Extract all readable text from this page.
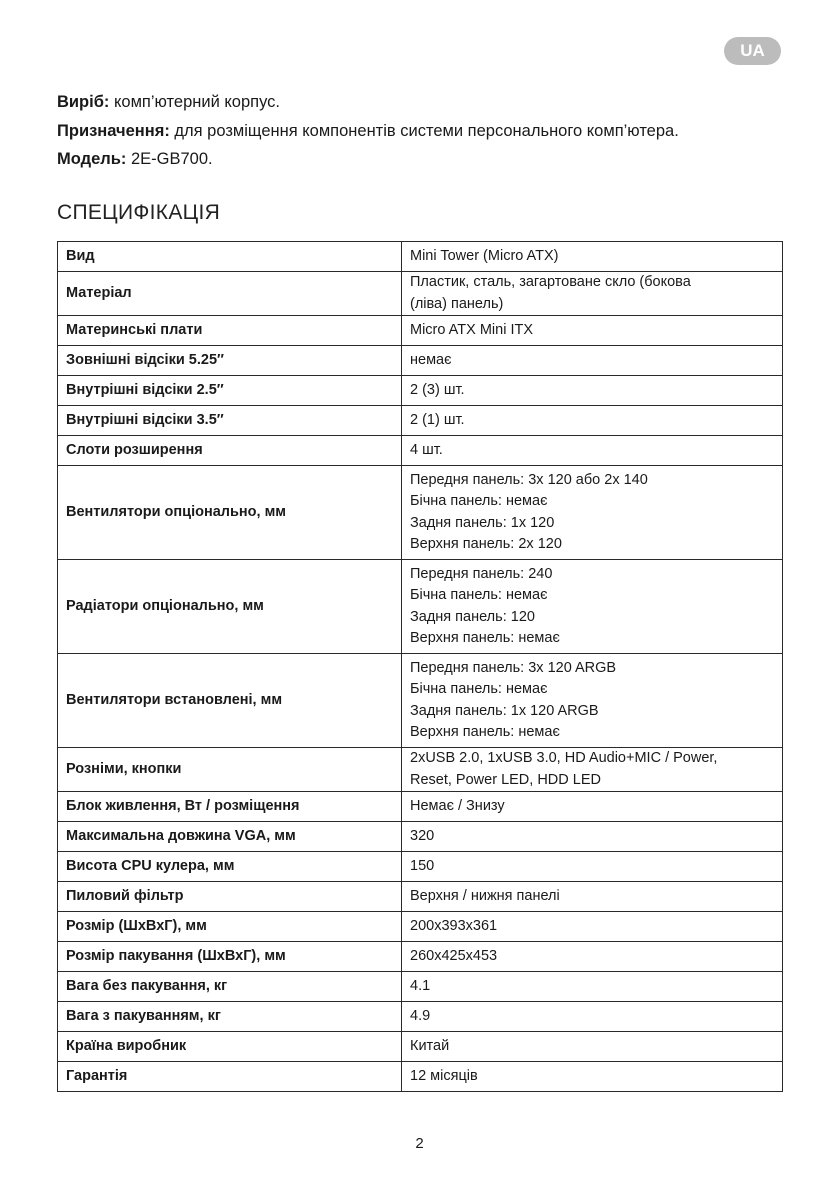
UA
Виріб: комп’ютерний корпус.
Призначення: для розміщення компонентів системи персонального комп’ютера.
Модель: 2E-GB700.
СПЕЦИФІКАЦІЯ
Вид	Mini Tower (Micro ATX)
Матеріал	Пластик, сталь, загартоване скло (бокова
(ліва) панель)
Материнські плати	Micro ATX Mini ITX
Зовнішні відсіки 5.25″	немає
Внутрішні відсіки 2.5″	2 (3) шт.
Внутрішні відсіки 3.5″	2 (1) шт.
Слоти розширення	4 шт.
Вентилятори опціонально, мм	Передня панель: 3x 120 або 2x 140
Бічна панель: немає
Задня панель: 1x 120
Верхня панель: 2x 120
Радіатори опціонально, мм	Передня панель: 240
Бічна панель: немає
Задня панель: 120
Верхня панель: немає
Вентилятори встановлені, мм	Передня панель: 3x 120 ARGB
Бічна панель: немає
Задня панель: 1x 120 ARGB
Верхня панель: немає
Розніми, кнопки	2xUSB 2.0, 1xUSB 3.0, HD Audio+MIC / Power,
Reset, Power LED, HDD LED
Блок живлення, Вт / розміщення	Немає / Знизу
Максимальна довжина VGA, мм	320
Висота CPU кулера, мм	150
Пиловий фільтр	Верхня / нижня панелі
Розмір (ШхВхГ), мм	200x393x361
Розмір пакування (ШхВхГ), мм	260x425x453
Вага без пакування, кг	4.1
Вага з пакуванням, кг	4.9
Країна виробник	Китай
Гарантія	12 місяців
2
